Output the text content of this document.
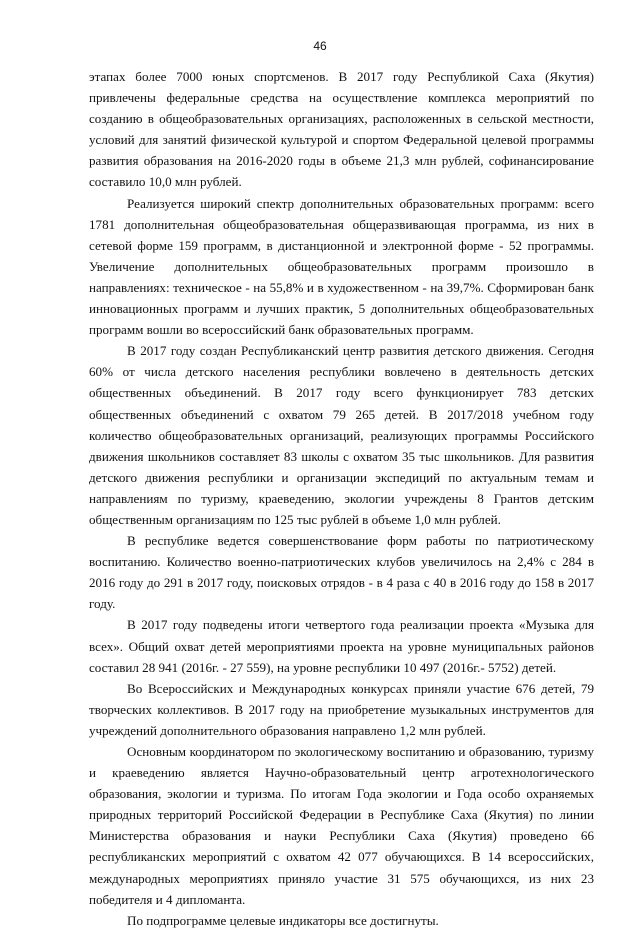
46

этапах более 7000 юных спортсменов. В 2017 году Республикой Саха (Якутия) привлечены федеральные средства на осуществление комплекса мероприятий по созданию в общеобразовательных организациях, расположенных в сельской местности, условий для занятий физической культурой и спортом Федеральной целевой программы развития образования на 2016-2020 годы в объеме 21,3 млн рублей, софинансирование составило 10,0 млн рублей.

Реализуется широкий спектр дополнительных образовательных программ: всего 1781 дополнительная общеобразовательная общеразвивающая программа, из них в сетевой форме 159 программ, в дистанционной и электронной форме - 52 программы. Увеличение дополнительных общеобразовательных программ произошло в направлениях: техническое - на 55,8% и в художественном - на 39,7%. Сформирован банк инновационных программ и лучших практик, 5 дополнительных общеобразовательных программ вошли во всероссийский банк образовательных программ.

В 2017 году создан Республиканский центр развития детского движения. Сегодня 60% от числа детского населения республики вовлечено в деятельность детских общественных объединений. В 2017 году всего функционирует 783 детских общественных объединений с охватом 79 265 детей. В 2017/2018 учебном году количество общеобразовательных организаций, реализующих программы Российского движения школьников составляет 83 школы с охватом 35 тыс школьников. Для развития детского движения республики и организации экспедиций по актуальным темам и направлениям по туризму, краеведению, экологии учреждены 8 Грантов детским общественным организациям по 125 тыс рублей в объеме 1,0 млн рублей.

В республике ведется совершенствование форм работы по патриотическому воспитанию. Количество военно-патриотических клубов увеличилось на 2,4% с 284 в 2016 году до 291 в 2017 году, поисковых отрядов - в 4 раза с 40 в 2016 году до 158 в 2017 году.

В 2017 году подведены итоги четвертого года реализации проекта «Музыка для всех». Общий охват детей мероприятиями проекта на уровне муниципальных районов составил 28 941 (2016г. - 27 559), на уровне республики 10 497 (2016г.- 5752) детей.

Во Всероссийских и Международных конкурсах приняли участие 676 детей, 79 творческих коллективов. В 2017 году на приобретение музыкальных инструментов для учреждений дополнительного образования направлено 1,2 млн рублей.

Основным координатором по экологическому воспитанию и образованию, туризму и краеведению является Научно-образовательный центр агротехнологического образования, экологии и туризма. По итогам Года экологии и Года особо охраняемых природных территорий Российской Федерации в Республике Саха (Якутия) по линии Министерства образования и науки Республики Саха (Якутия) проведено 66 республиканских мероприятий с охватом 42 077 обучающихся. В 14 всероссийских, международных мероприятиях приняло участие 31 575 обучающихся, из них 23 победителя и 4 дипломанта.

По подпрограмме целевые индикаторы все достигнуты.
